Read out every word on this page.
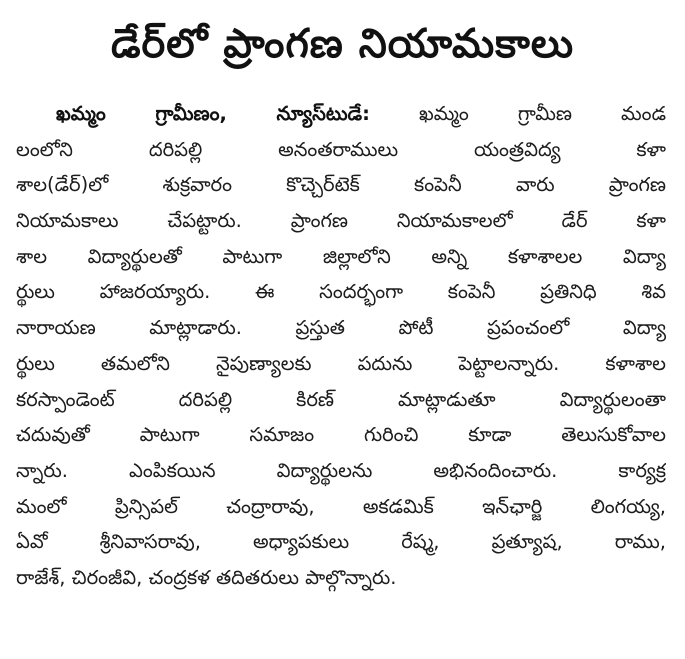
డేర్‌లో ప్రాంగణ నియామకాలు
ఖమ్మం గ్రామీణం, న్యూస్‌టుడే:	ఖమ్మం గ్రామీణ మండ
లంలోని దరిపల్లి అనంతరాములు యంత్రవిద్య కళా
శాల(డేర్)లో శుక్రవారం కొచ్చెర్‌టెక్ కంపెనీ వారు ప్రాంగణ
నియామకాలు చేపట్టారు. ప్రాంగణ నియామకాలలో డేర్ కళా
శాల విద్యార్థులతో పాటుగా జిల్లాలోని అన్ని కళాశాలల విద్యా
ర్థులు హాజరయ్యారు. ఈ సందర్భంగా కంపెనీ ప్రతినిధి శివ
నారాయణ మాట్లాడారు. ప్రస్తుత పోటీ ప్రపంచంలో విద్యా
ర్థులు తమలోని నైపుణ్యాలకు పదును పెట్టాలన్నారు. కళాశాల
కరస్పాండెంట్ దరిపల్లి కిరణ్ మాట్లాడుతూ విద్యార్థులంతా
చదువుతో పాటుగా సమాజం గురించి కూడా తెలుసుకోవాల
న్నారు. ఎంపికయిన విద్యార్థులను అభినందించారు. కార్యక్ర
మంలో ప్రిన్సిపల్ చంద్రారావు, అకడమిక్ ఇన్‌ఛార్జి లింగయ్య,
ఏవో శ్రీనివాసరావు, అధ్యాపకులు రేష్మ, ప్రత్యూష, రాము,
రాజేశ్, చిరంజీవి, చంద్రకళ తదితరులు పాల్గొన్నారు.
